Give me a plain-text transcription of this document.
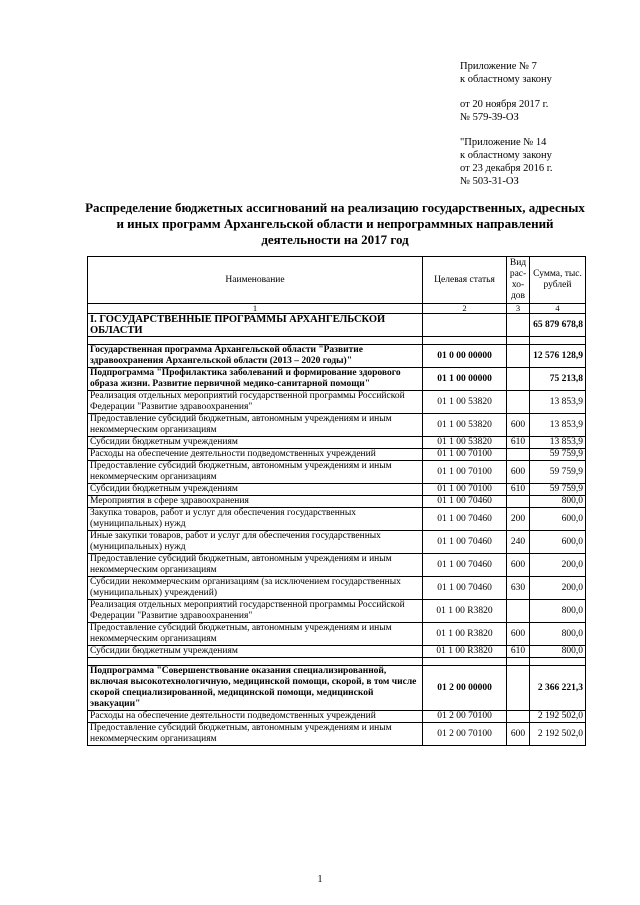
Приложение № 7
к областному закону
от 20 ноября 2017 г.
№ 579-39-ОЗ
"Приложение № 14
к областному закону
от 23 декабря 2016 г.
№ 503-31-ОЗ
Распределение бюджетных ассигнований на реализацию государственных, адресных и иных программ Архангельской области и непрограммных направлений деятельности на 2017 год
Наименование	Целевая статья	Вид рас-хо-дов	Сумма, тыс. рублей
1	2	3	4
I. ГОСУДАРСТВЕННЫЕ ПРОГРАММЫ АРХАНГЕЛЬСКОЙ ОБЛАСТИ			65 879 678,8

Государственная программа Архангельской области "Развитие здравоохранения Архангельской области (2013 – 2020 годы)"	01 0 00 00000		12 576 128,9
Подпрограмма "Профилактика заболеваний и формирование здорового образа жизни. Развитие первичной медико-санитарной помощи"	01 1 00 00000		75 213,8
Реализация отдельных мероприятий государственной программы Российской Федерации "Развитие здравоохранения"	01 1 00 53820		13 853,9
Предоставление субсидий бюджетным, автономным учреждениям и иным некоммерческим организациям	01 1 00 53820	600	13 853,9
Субсидии бюджетным учреждениям	01 1 00 53820	610	13 853,9
Расходы на обеспечение деятельности подведомственных учреждений	01 1 00 70100		59 759,9
Предоставление субсидий бюджетным, автономным учреждениям и иным некоммерческим организациям	01 1 00 70100	600	59 759,9
Субсидии бюджетным учреждениям	01 1 00 70100	610	59 759,9
Мероприятия в сфере здравоохранения	01 1 00 70460		800,0
Закупка товаров, работ и услуг для обеспечения государственных (муниципальных) нужд	01 1 00 70460	200	600,0
Иные закупки товаров, работ и услуг для обеспечения государственных (муниципальных) нужд	01 1 00 70460	240	600,0
Предоставление субсидий бюджетным, автономным учреждениям и иным некоммерческим организациям	01 1 00 70460	600	200,0
Субсидии некоммерческим организациям (за исключением государственных (муниципальных) учреждений)	01 1 00 70460	630	200,0
Реализация отдельных мероприятий государственной программы Российской Федерации "Развитие здравоохранения"	01 1 00 R3820		800,0
Предоставление субсидий бюджетным, автономным учреждениям и иным некоммерческим организациям	01 1 00 R3820	600	800,0
Субсидии бюджетным учреждениям	01 1 00 R3820	610	800,0

Подпрограмма "Совершенствование оказания специализированной, включая высокотехнологичную, медицинской помощи, скорой, в том числе скорой специализированной, медицинской помощи, медицинской эвакуации"	01 2 00 00000		2 366 221,3
Расходы на обеспечение деятельности подведомственных учреждений	01 2 00 70100		2 192 502,0
Предоставление субсидий бюджетным, автономным учреждениям и иным некоммерческим организациям	01 2 00 70100	600	2 192 502,0
1
